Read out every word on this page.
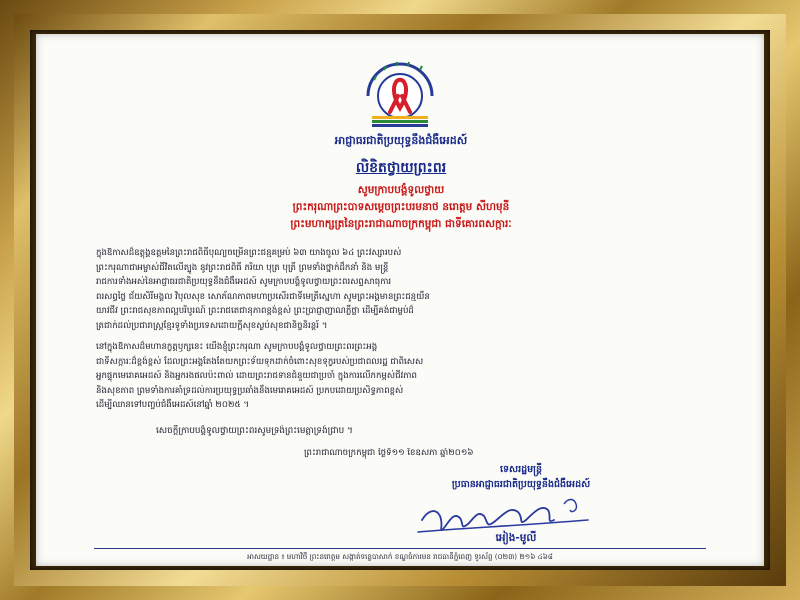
អាជ្ញាធរជាតិប្រយុទ្ធនឹងជំងឺអេដស៍
លិខិតថ្វាយព្រះពរ
សូមក្រាបបង្គំទូលថ្វាយ
ព្រះករុណាព្រះបាទសម្តេចព្រះបរមនាថ នរោត្តម សីហមុនី
ព្រះមហាក្សត្រនៃព្រះរាជាណាចក្រកម្ពុជា ជាទីគោរពសក្ការៈ
ក្នុងឱកាសដ៏ឧត្តុង្គឧត្តមនៃព្រះរាជពិធីបុណ្យចម្រើនព្រះជន្មគម្រប់ ៦៣ យាងចូល ៦៤ ព្រះវស្សារបស់
ព្រះករុណាជាអម្ចាស់ជីវិតលើត្បូង នូវព្រះរាជពិធី ភរិយា បុត្រ បុត្រី ព្រមទាំងថ្នាក់ដឹកនាំ និង មន្ត្រី
រាជការទាំងអស់នៃអាជ្ញាធរជាតិប្រយុទ្ធនឹងជំងឺអេដស៍ សូមក្រាបបង្គំទូលថ្វាយព្រះពរសព្ទសាធុការ
ពរសព្វថ្លៃ ជ័យសិរីមង្គល វិបុលសុខ សោភ័ណភាពមហាប្រសើរជាទីមេត្រីស្នេហា សូមព្រះអង្គមានព្រះជន្មយឺន
យាវជីវ ព្រះរាជសុខភាពល្អបរិបូរណ៍ ព្រះរាជតេជានុភាពខ្ពង់ខ្ពស់ ព្រះប្រាជ្ញាញាណភ្លឺថ្លា ដើម្បីគង់ជាម្លប់ដ៏
ត្រជាក់ដល់ប្រជារាស្ត្រខ្មែរទូទាំងប្រទេសដោយក្តីសុខស្ងប់សុខជានិច្ចនិរន្តរ៍ ។
នៅក្នុងឱកាសដ៏មហានក្ខត្តឫក្សនេះ យើងខ្ញុំព្រះករុណា សូមក្រាបបង្គំទូលថ្វាយព្រះពរព្រះអង្គ
ជាទីសក្ការៈដ៏ខ្ពង់ខ្ពស់ ដែលព្រះអង្គតែងតែយកព្រះទ័យទុកដាក់ចំពោះសុខទុក្ខរបស់ប្រជាពលរដ្ឋ ជាពិសេស
អ្នកផ្ទុកមេរោគអេដស៍ និងអ្នករងផលប៉ះពាល់ ដោយព្រះរាជទានជំនួយជាប្រចាំ ក្នុងការលើកកម្ពស់ជីវភាព
និងសុខភាព ព្រមទាំងការគាំទ្រដល់ការប្រយុទ្ធប្រឆាំងនឹងមេរោគអេដស៍ ប្រកបដោយប្រសិទ្ធភាពខ្ពស់
ដើម្បីឈានទៅបញ្ចប់ជំងឺអេដស៍នៅឆ្នាំ ២០២៥ ។
សេចក្តីក្រាបបង្គំទូលថ្វាយព្រះពរសូមទ្រង់ព្រះមេត្តាទ្រង់ជ្រាប ។
ព្រះរាជាណាចក្រកម្ពុជា ថ្ងៃទី១១ ខែឧសភា ឆ្នាំ២០១៦
ទេសរដ្ឋមន្ត្រី
ប្រធានអាជ្ញាធរជាតិប្រយុទ្ធនឹងជំងឺអេដស៍
អៀង-មូលី
អាសយដ្ឋាន ៖ មហាវិថី ព្រះនរោត្តម សង្កាត់ទន្លេបាសាក់ ខណ្ឌចំការមន រាជធានីភ្នំពេញ ទូរស័ព្ទ (០២៣) ២១៦ ៤៦៨
